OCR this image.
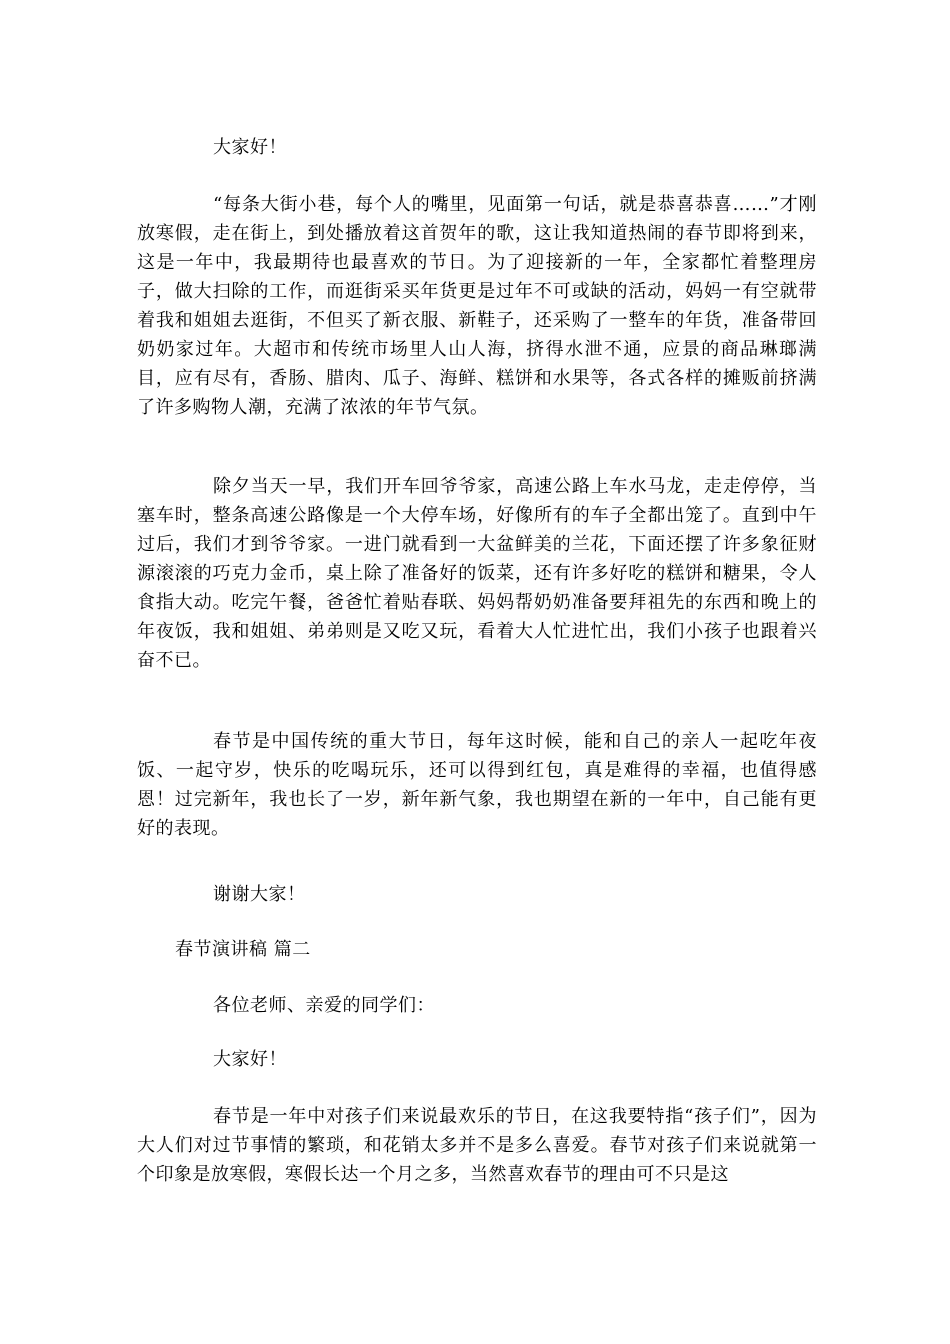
大家好！
“每条大街小巷，每个人的嘴里，见面第一句话，就是恭喜恭喜……”才刚放寒假，走在街上，到处播放着这首贺年的歌，这让我知道热闹的春节即将到来，这是一年中，我最期待也最喜欢的节日。为了迎接新的一年，全家都忙着整理房子，做大扫除的工作，而逛街采买年货更是过年不可或缺的活动，妈妈一有空就带着我和姐姐去逛街，不但买了新衣服、新鞋子，还采购了一整车的年货，准备带回奶奶家过年。大超市和传统市场里人山人海，挤得水泄不通，应景的商品琳瑯满目，应有尽有，香肠、腊肉、瓜子、海鲜、糕饼和水果等，各式各样的摊贩前挤满了许多购物人潮，充满了浓浓的年节气氛。
除夕当天一早，我们开车回爷爷家，高速公路上车水马龙，走走停停，当塞车时，整条高速公路像是一个大停车场，好像所有的车子全都出笼了。直到中午过后，我们才到爷爷家。一进门就看到一大盆鲜美的兰花，下面还摆了许多象征财源滚滚的巧克力金币，桌上除了准备好的饭菜，还有许多好吃的糕饼和糖果，令人食指大动。吃完午餐，爸爸忙着贴春联、妈妈帮奶奶准备要拜祖先的东西和晚上的年夜饭，我和姐姐、弟弟则是又吃又玩，看着大人忙进忙出，我们小孩子也跟着兴奋不已。
春节是中国传统的重大节日，每年这时候，能和自己的亲人一起吃年夜饭、一起守岁，快乐的吃喝玩乐，还可以得到红包，真是难得的幸福，也值得感恩！过完新年，我也长了一岁，新年新气象，我也期望在新的一年中，自己能有更好的表现。
谢谢大家！
春节演讲稿 篇二
各位老师、亲爱的同学们：
大家好！
春节是一年中对孩子们来说最欢乐的节日，在这我要特指“孩子们”，因为大人们对过节事情的繁琐，和花销太多并不是多么喜爱。春节对孩子们来说就第一个印象是放寒假，寒假长达一个月之多，当然喜欢春节的理由可不只是这
